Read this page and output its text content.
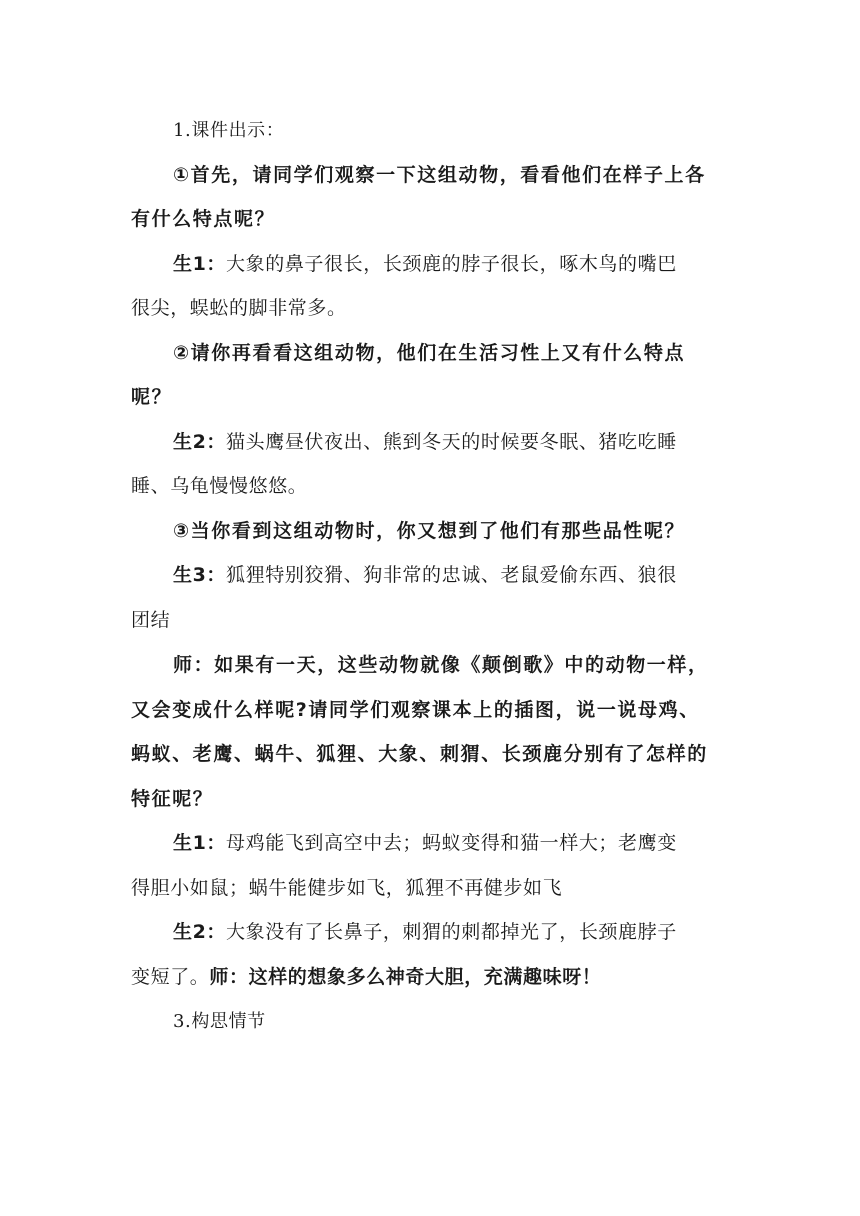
1.课件出示：
①首先，请同学们观察一下这组动物，看看他们在样子上各
有什么特点呢？
生1：大象的鼻子很长，长颈鹿的脖子很长，啄木鸟的嘴巴
很尖，蜈蚣的脚非常多。
②请你再看看这组动物，他们在生活习性上又有什么特点
呢？
生2：猫头鹰昼伏夜出、熊到冬天的时候要冬眠、猪吃吃睡
睡、乌龟慢慢悠悠。
③当你看到这组动物时，你又想到了他们有那些品性呢？
生3：狐狸特别狡猾、狗非常的忠诚、老鼠爱偷东西、狼很
团结
师：如果有一天，这些动物就像《颠倒歌》中的动物一样，
又会变成什么样呢?请同学们观察课本上的插图，说一说母鸡、
蚂蚁、老鹰、蜗牛、狐狸、大象、刺猬、长颈鹿分别有了怎样的
特征呢？
生1：母鸡能飞到高空中去；蚂蚁变得和猫一样大；老鹰变
得胆小如鼠；蜗牛能健步如飞，狐狸不再健步如飞
生2：大象没有了长鼻子，刺猬的刺都掉光了，长颈鹿脖子
变短了。师：这样的想象多么神奇大胆，充满趣味呀！
3.构思情节
